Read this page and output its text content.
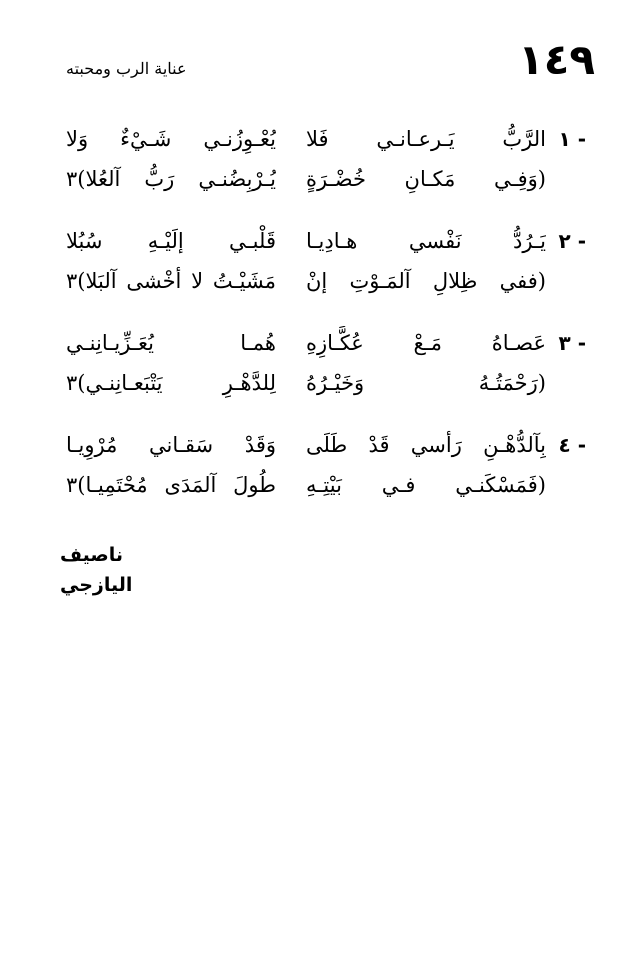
١٤٩
عناية الرب ومحبته
١ -
الرَّبُّ يَـرعـانـي فَلا
يُعْـوِزُنـي شَـيْءٌ وَلا
(وَفِـي مَكـانِ خُضْـرَةٍ
يُـرْبِضُنـي رَبُّ آلعُلا)٣
٢ -
يَـرُدُّ نَفْسي هـادِيـا
قَلْبـي إلَيْـهِ سُبُلا
(ففي ظِلالِ آلمَـوْتِ إنْ
مَشَيْـتُ لا أخْشى آلبَلا)٣
٣ -
عَصـاهُ مَـعْ عُكَّـازِهِ
هُمـا يُعَـزِّيـانِنـي
(رَحْمَتُـهُ وَخَيْـرُهُ
لِلدَّهْـرِ يَتْبَعـانِنـي)٣
٤ -
بِآلدُّهْـنِ رَأسي قَدْ طَلَى
وَقَدْ سَقـاني مُرْوِيـا
(فَمَسْكَنـي فـي بَيْتِـهِ
طُولَ آلمَدَى مُحْتَمِيـا)٣
ناصيف اليازجي
